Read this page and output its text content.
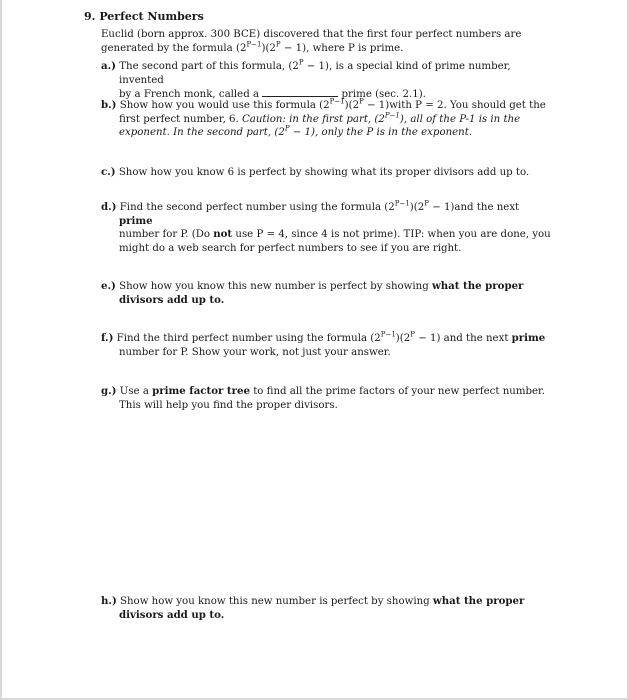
9. Perfect Numbers
Euclid (born approx. 300 BCE) discovered that the first four perfect numbers are
generated by the formula $(2^{P-1})(2^P - 1)$, where P is prime.
a.) The second part of this formula, $(2^P - 1)$, is a special kind of prime number, invented
by a French monk, called a	prime (sec. 2.1).
b.) Show how you would use this formula $(2^{P-1})(2^P$ − 1)with P = 2. You should get the
first perfect number, 6. Caution: in the first part, $(2^{P-1})$, all of the P-1 is in the
exponent. In the second part, $(2^P - 1)$, only the P is in the exponent.
c.) Show how you know 6 is perfect by showing what its proper divisors add up to.
d.) Find the second perfect number using the formula $(2^{P-1})(2^P - 1)and$ the next prime
number for P. (Do not use P = 4, since 4 is not prime). TIP: when you are done, you
might do a web search for perfect numbers to see if you are right.
e.) Show how you know this new number is perfect by showing what the proper
divisors add up to.
f.) Find the third perfect number using the formula $(2^{P-1})(2^P - 1)$ and the next prime
number for P. Show your work, not just your answer.
g.) Use a prime factor tree to find all the prime factors of your new perfect number.
This will help you find the proper divisors.
h.) Show how you know this new number is perfect by showing what the proper
divisors add up to.
